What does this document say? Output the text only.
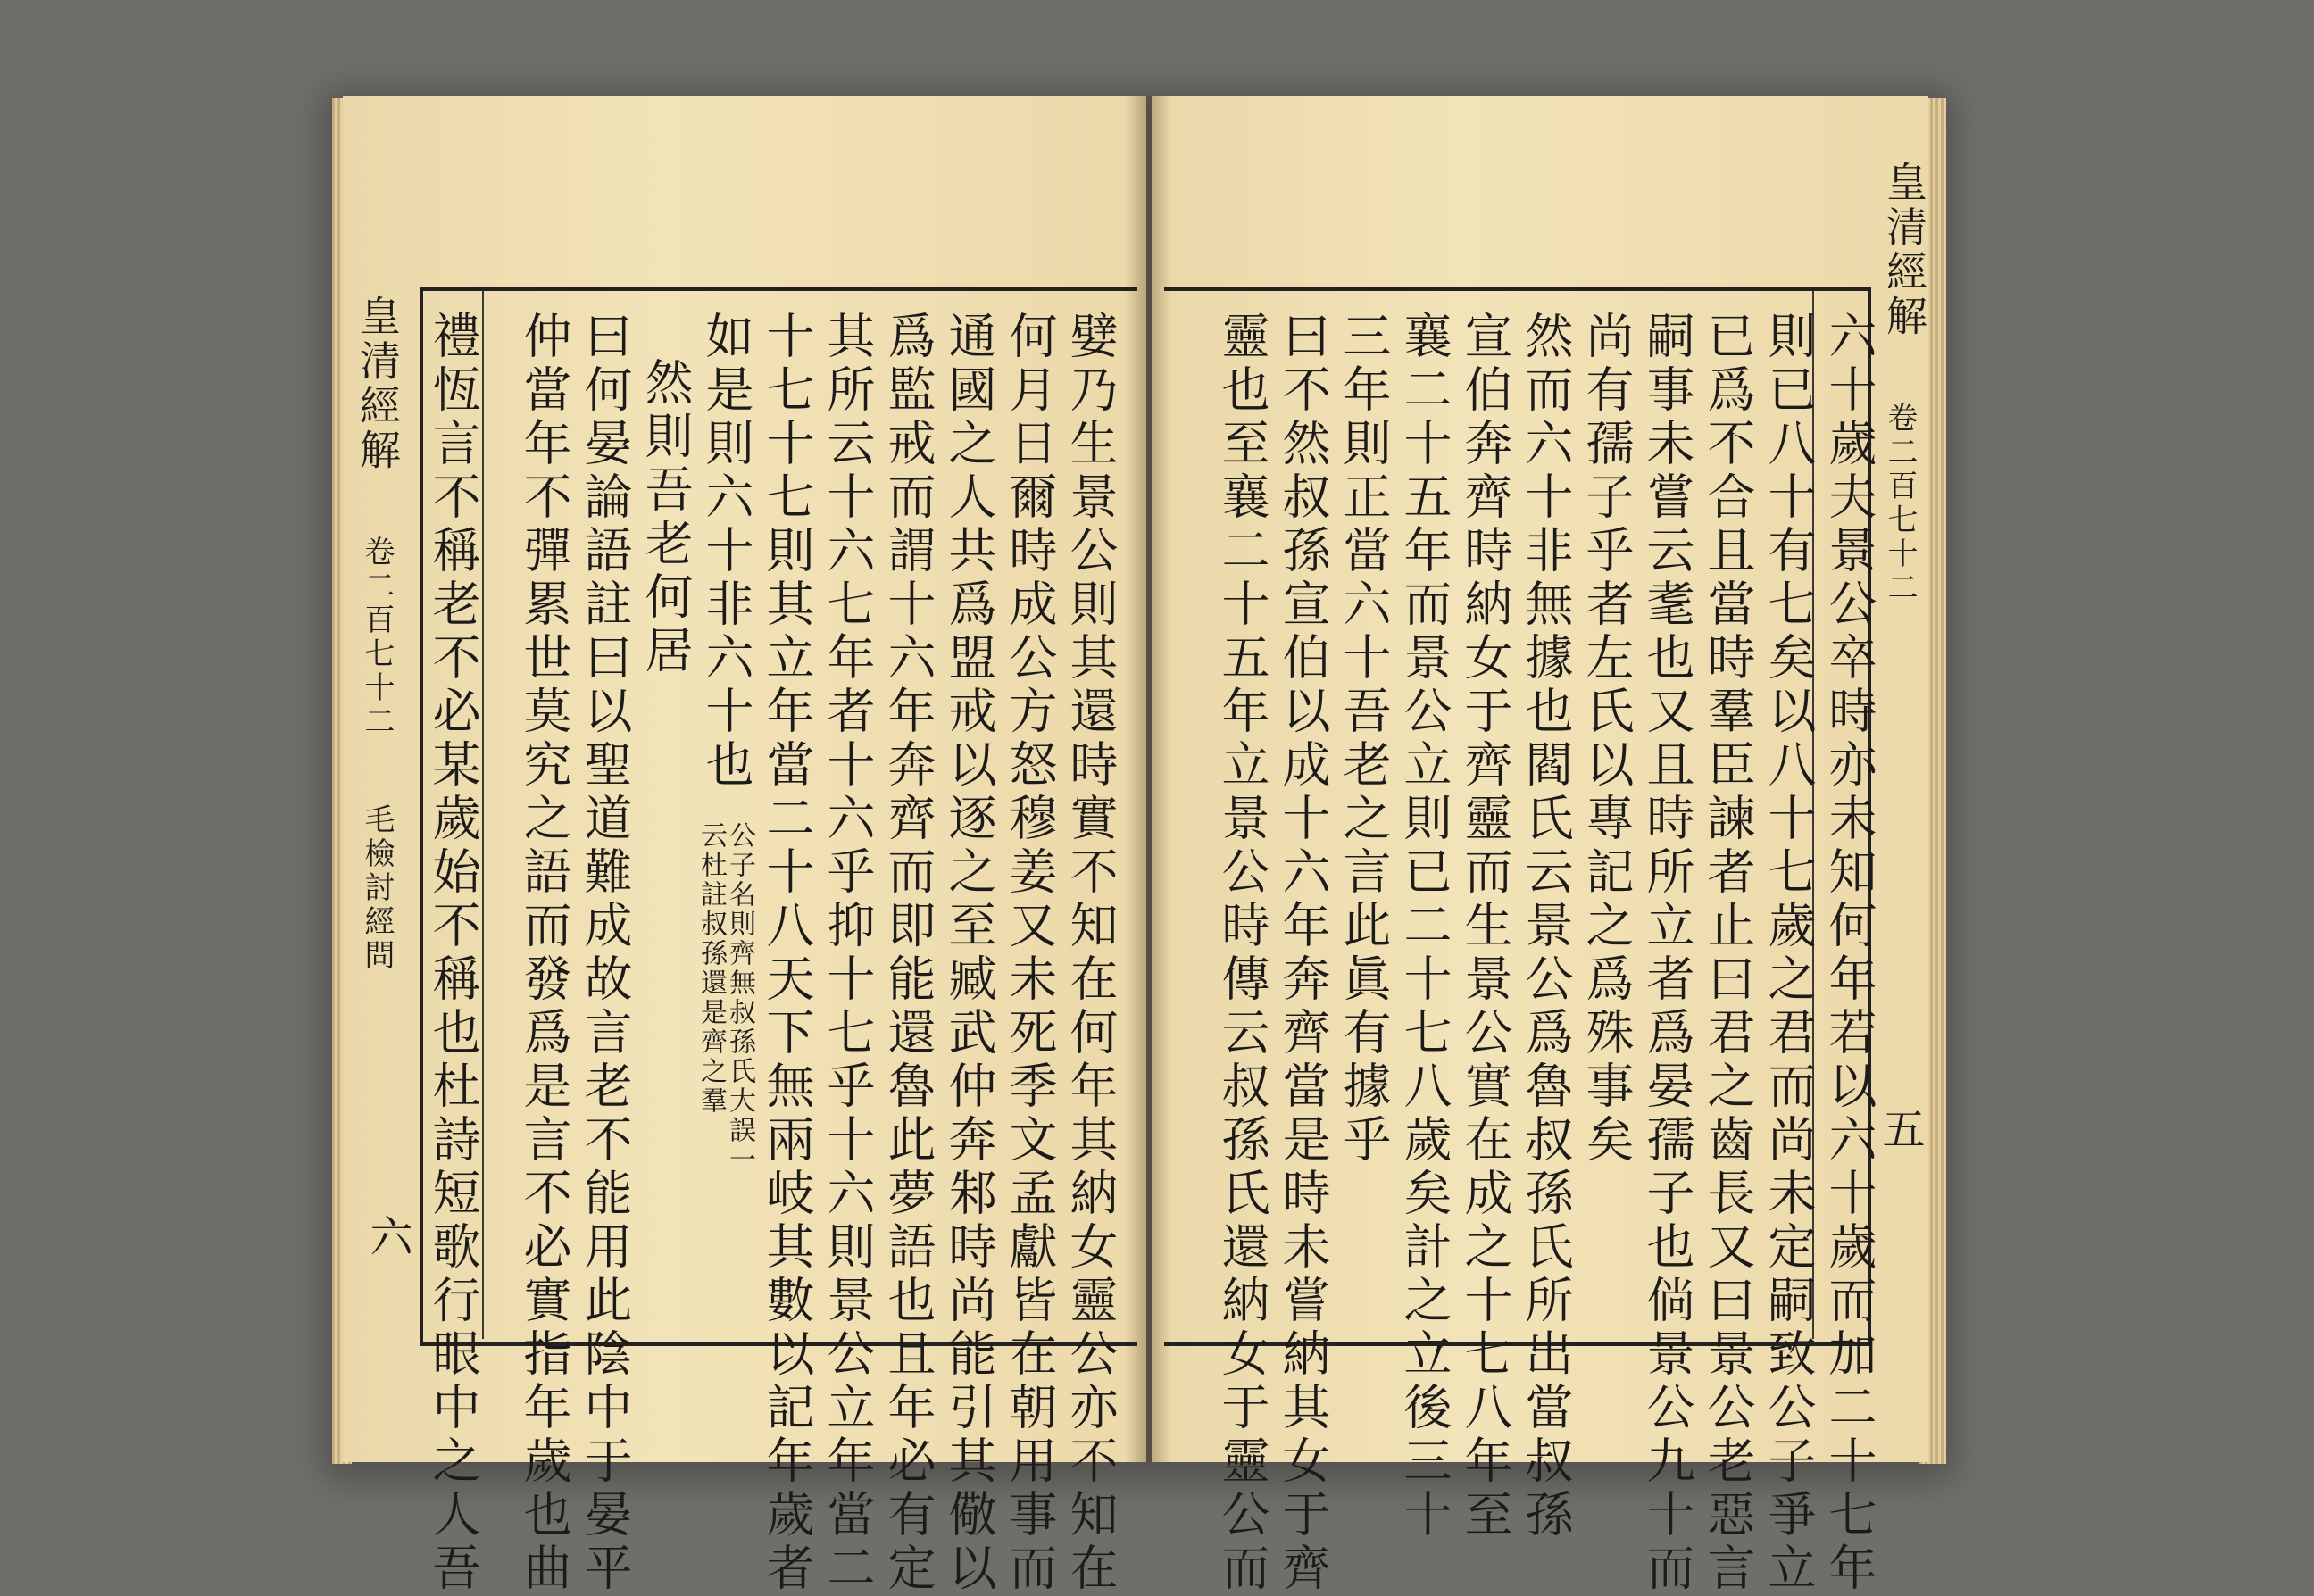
皇清經解
卷二百七十二
毛檢討經問
六	嬖乃生景公則其還時實不知在何年其納女靈公亦不知在
何月日爾時成公方怒穆姜又未死季文孟獻皆在朝用事而
通國之人共爲盟戒以逐之至臧武仲奔邾時尚能引其儆以
爲監戒而謂十六年奔齊而即能還魯此夢語也且年必有定
其所云十六七年者十六乎抑十七乎十六則景公立年當二
十七十七則其立年當二十八天下無兩岐其數以記年歲者
如是則六十非六十也
公子名則齊無叔孫氏大誤一云杜註叔孫還是齊之羣
然則吾老何居
曰何晏論語註曰以聖道難成故言老不能用此陰中于晏平
仲當年不彈累世莫究之語而發爲是言不必實指年歲也曲
禮恆言不稱老不必某歲始不稱也杜詩短歌行眼中之人吾
皇清經解
卷二百七十二
五
六十歲夫景公卒時亦未知何年若以六十歲而加二十七年
則已八十有七矣以八十七歲之君而尚未定嗣致公子爭立
已爲不合且當時羣臣諫者止曰君之齒長又曰景公老惡言
嗣事未嘗云耄也又且時所立者爲晏孺子也倘景公九十而
尚有孺子乎者左氏以專記之爲殊事矣
然而六十非無據也閻氏云景公爲魯叔孫氏所出當叔孫
宣伯奔齊時納女于齊靈而生景公實在成之十七八年至
襄二十五年而景公立則已二十七八歲矣計之立後三十
三年則正當六十吾老之言此眞有據乎
曰不然叔孫宣伯以成十六年奔齊當是時未嘗納其女于齊
靈也至襄二十五年立景公時傳云叔孫氏還納女于靈公而
